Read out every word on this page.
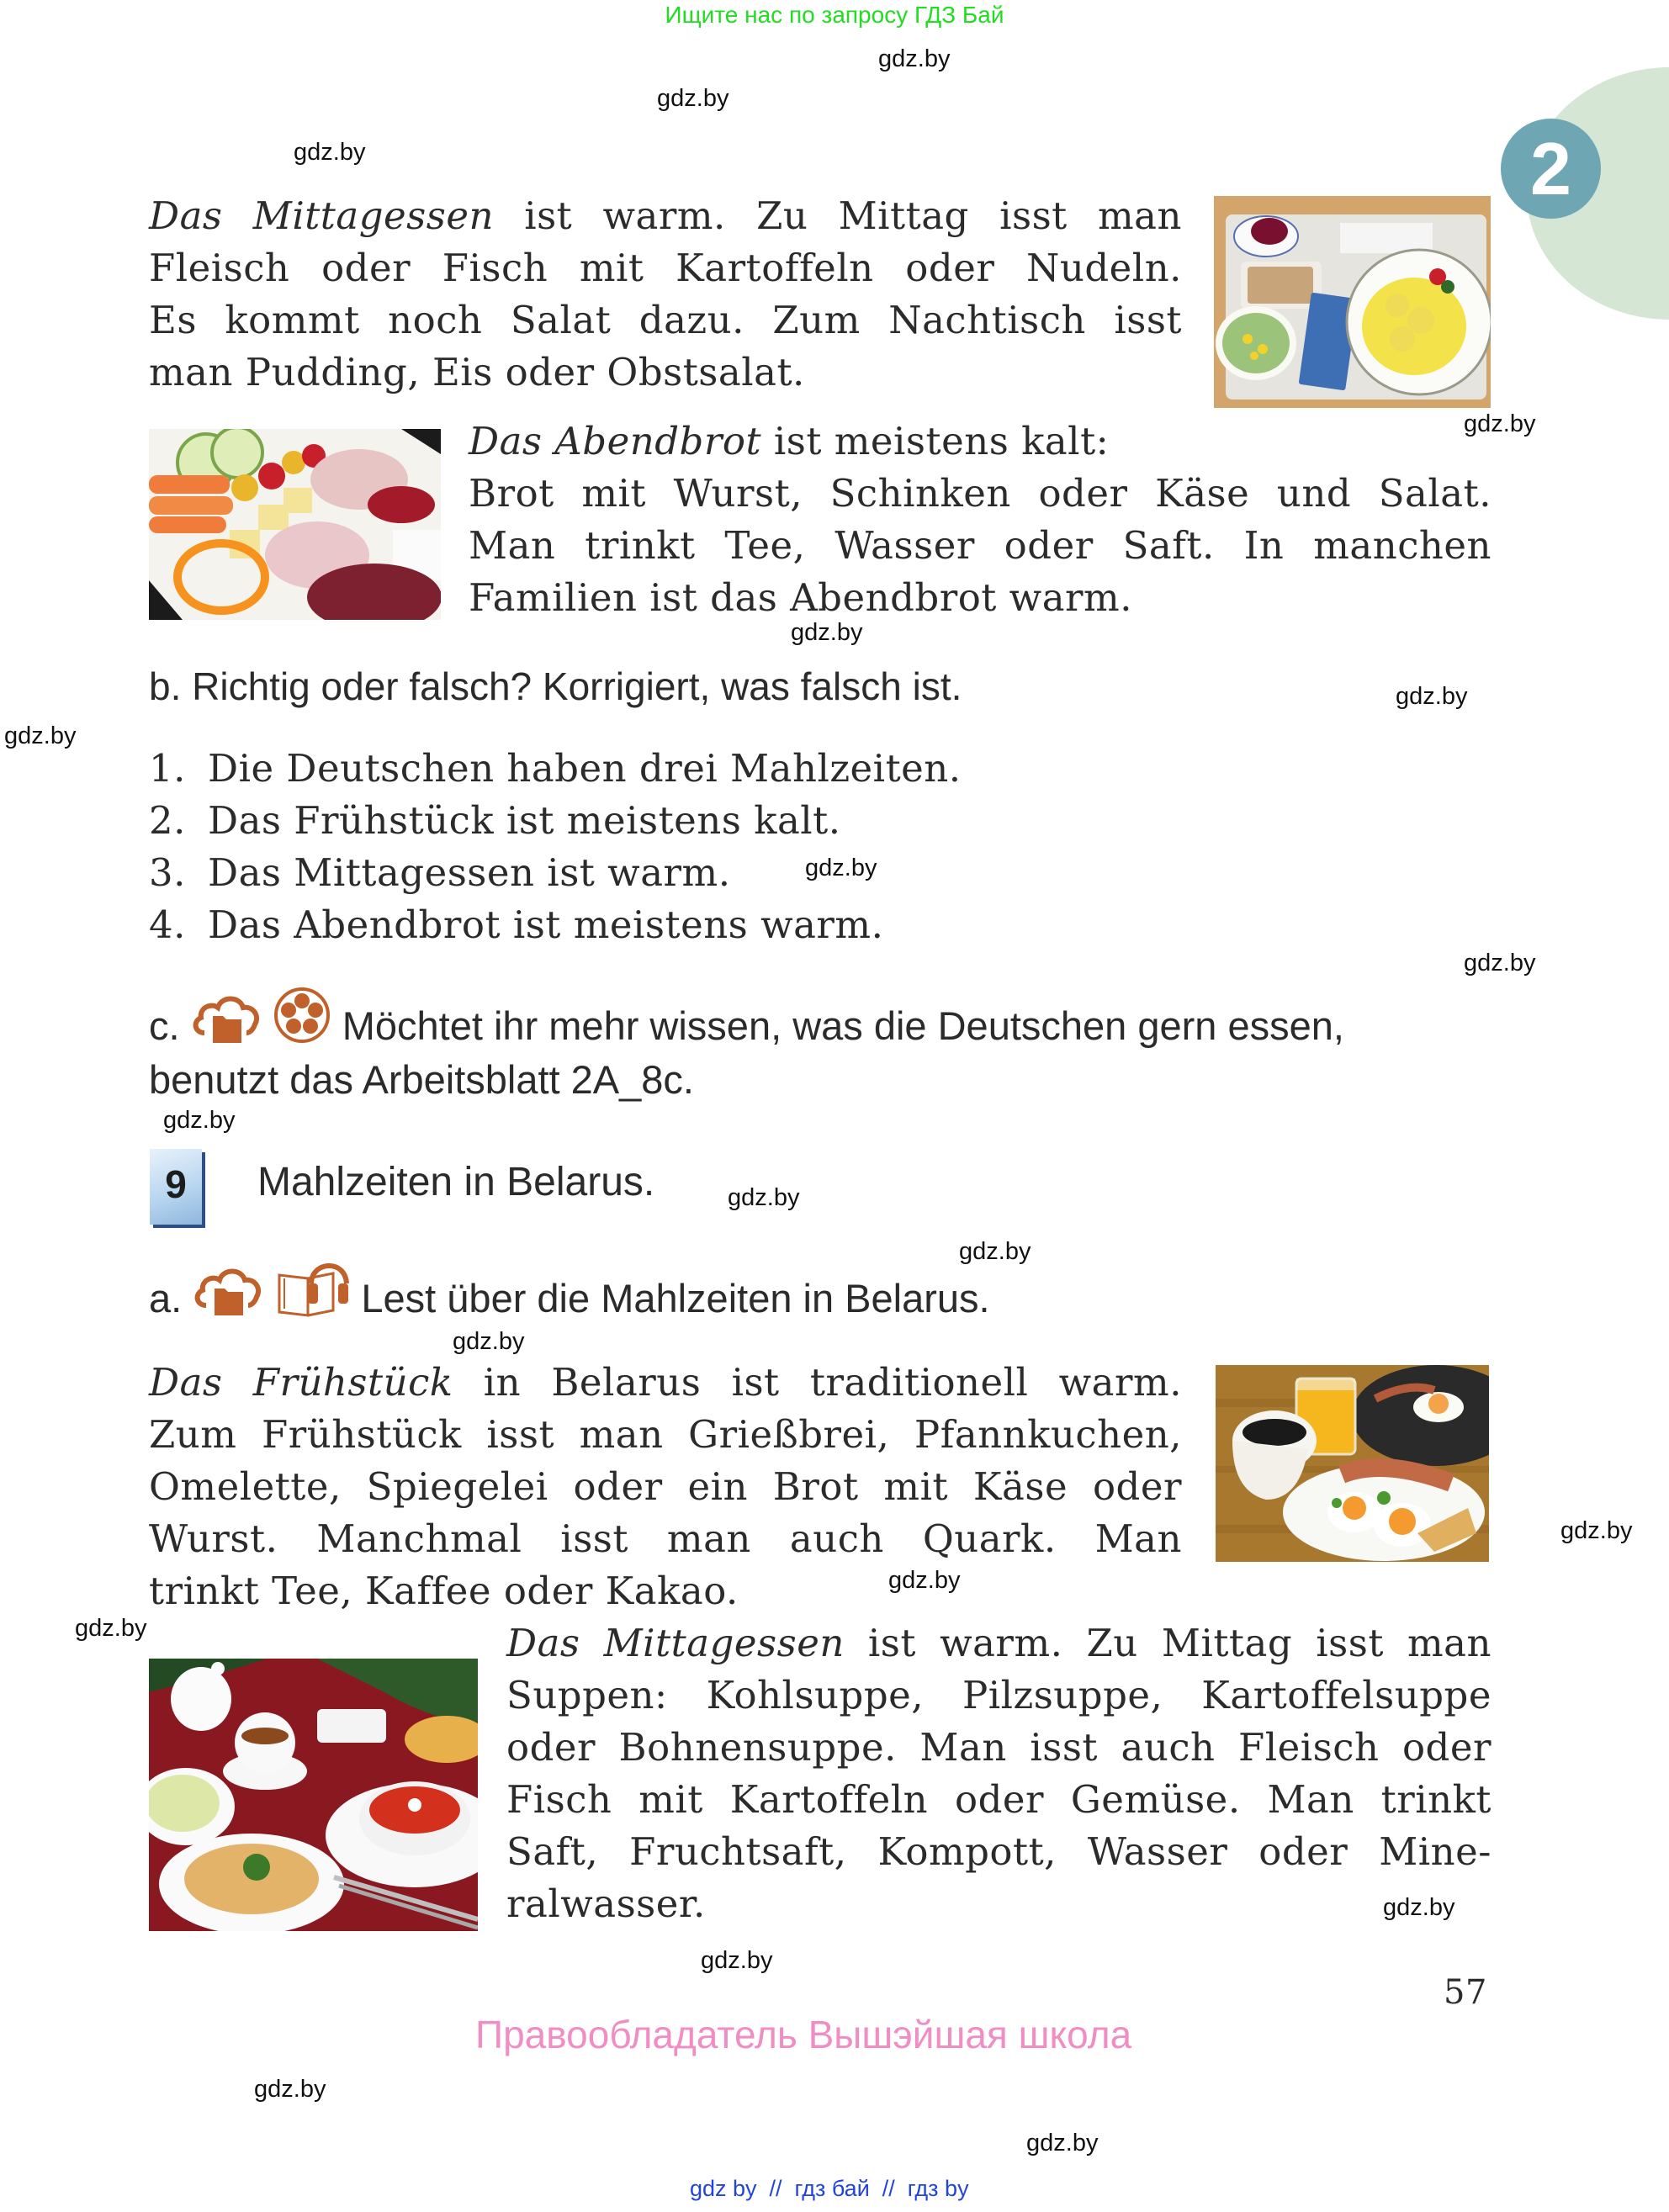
Ищите нас по запросу ГДЗ Бай
2
Das Mittagessen ist warm. Zu Mittag isst man
Fleisch oder Fisch mit Kartoffeln oder Nudeln.
Es kommt noch Salat dazu. Zum Nachtisch isst
man Pudding, Eis oder Obstsalat.
Das Abendbrot ist meistens kalt:
Brot mit Wurst, Schinken oder Käse und Salat.
Man trinkt Tee, Wasser oder Saft. In manchen
Familien ist das Abendbrot warm.
b. Richtig oder falsch? Korrigiert, was falsch ist.
1. Die Deutschen haben drei Mahlzeiten.
2. Das Frühstück ist meistens kalt.
3. Das Mittagessen ist warm.
4. Das Abendbrot ist meistens warm.
c.	Möchtet ihr mehr wissen, was die Deutschen gern essen,
benutzt das Arbeitsblatt 2A_8c.
9	Mahlzeiten in Belarus.
a.	Lest über die Mahlzeiten in Belarus.
Das Frühstück in Belarus ist traditionell warm.
Zum Frühstück isst man Grießbrei, Pfannkuchen,
Omelette, Spiegelei oder ein Brot mit Käse oder
Wurst. Manchmal isst man auch Quark. Man
trinkt Tee, Kaffee oder Kakao.
Das Mittagessen ist warm. Zu Mittag isst man
Suppen: Kohlsuppe, Pilzsuppe, Kartoffelsuppe
oder Bohnensuppe. Man isst auch Fleisch oder
Fisch mit Kartoffeln oder Gemüse. Man trinkt
Saft, Fruchtsaft, Kompott, Wasser oder Mine-
ralwasser.
57
Правообладатель Вышэйшая школа
gdz by  //  гдз бай  //  гдз by
gdz.by
gdz.by
gdz.by
gdz.by
gdz.by
gdz.by
gdz.by
gdz.by
gdz.by
gdz.by
gdz.by
gdz.by
gdz.by
gdz.by
gdz.by
gdz.by
gdz.by
gdz.by
gdz.by
gdz.by
